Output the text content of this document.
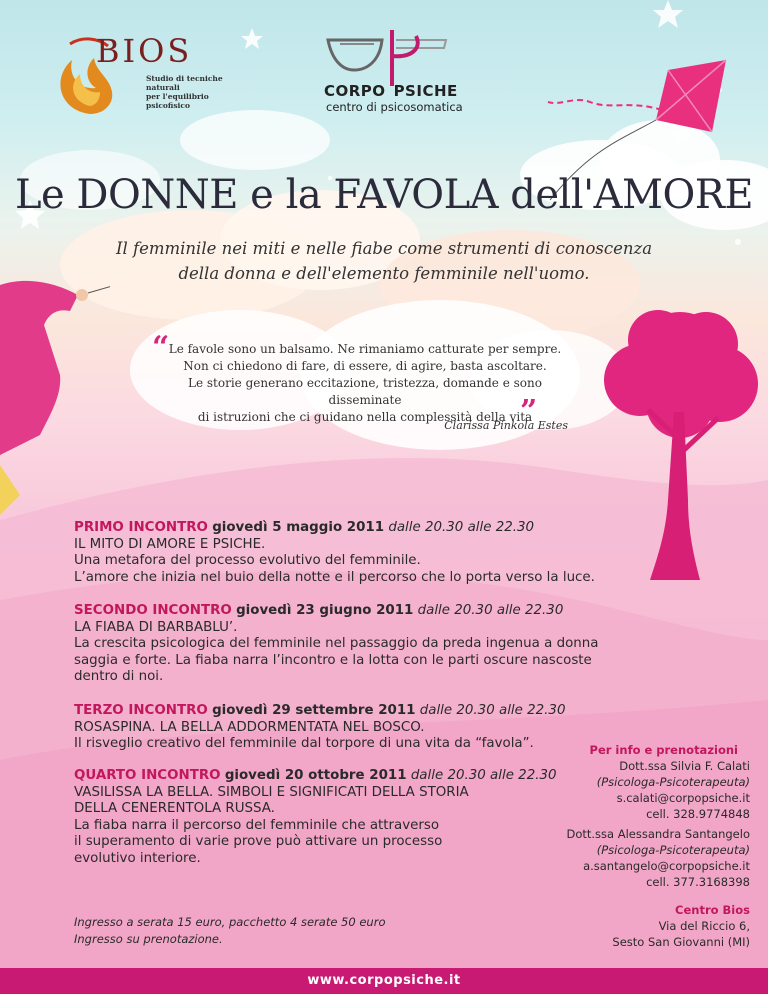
BIOS
Studio di tecniche naturali
per l'equilibrio psicofisico
CORPO PSICHE
centro di psicosomatica
Le DONNE e la FAVOLA dell'AMORE
Il femminile nei miti e nelle fiabe come strumenti di conoscenza
della donna e dell'elemento femminile nell'uomo.
“ Le favole sono un balsamo. Ne rimaniamo catturate per sempre.
Non ci chiedono di fare, di essere, di agire, basta ascoltare.
Le storie generano eccitazione, tristezza, domande e sono disseminate
di istruzioni che ci guidano nella complessità della vita
”
Clarissa Pinkola Estes
PRIMO INCONTRO giovedì 5 maggio 2011 dalle 20.30 alle 22.30
IL MITO DI AMORE E PSICHE.
Una metafora del processo evolutivo del femminile.
L’amore che inizia nel buio della notte e il percorso che lo porta verso la luce.
SECONDO INCONTRO giovedì 23 giugno 2011 dalle 20.30 alle 22.30
LA FIABA DI BARBABLU’.
La crescita psicologica del femminile nel passaggio da preda ingenua a donna
saggia e forte. La fiaba narra l’incontro e la lotta con le parti oscure nascoste
dentro di noi.
TERZO INCONTRO giovedì 29 settembre 2011 dalle 20.30 alle 22.30
ROSASPINA. LA BELLA ADDORMENTATA NEL BOSCO.
Il risveglio creativo del femminile dal torpore di una vita da “favola”.
QUARTO INCONTRO giovedì 20 ottobre 2011 dalle 20.30 alle 22.30
VASILISSA LA BELLA. SIMBOLI E SIGNIFICATI DELLA STORIA
DELLA CENERENTOLA RUSSA.
La fiaba narra il percorso del femminile che attraverso
il superamento di varie prove può attivare un processo
evolutivo interiore.
Per info e prenotazioni
Dott.ssa Silvia F. Calati
(Psicologa-Psicoterapeuta)
s.calati@corpopsiche.it
cell. 328.9774848
Dott.ssa Alessandra Santangelo
(Psicologa-Psicoterapeuta)
a.santangelo@corpopsiche.it
cell. 377.3168398
Centro Bios
Via del Riccio 6,
Sesto San Giovanni (MI)
Ingresso a serata 15 euro, pacchetto 4 serate 50 euro
Ingresso su prenotazione.
www.corpopsiche.it
